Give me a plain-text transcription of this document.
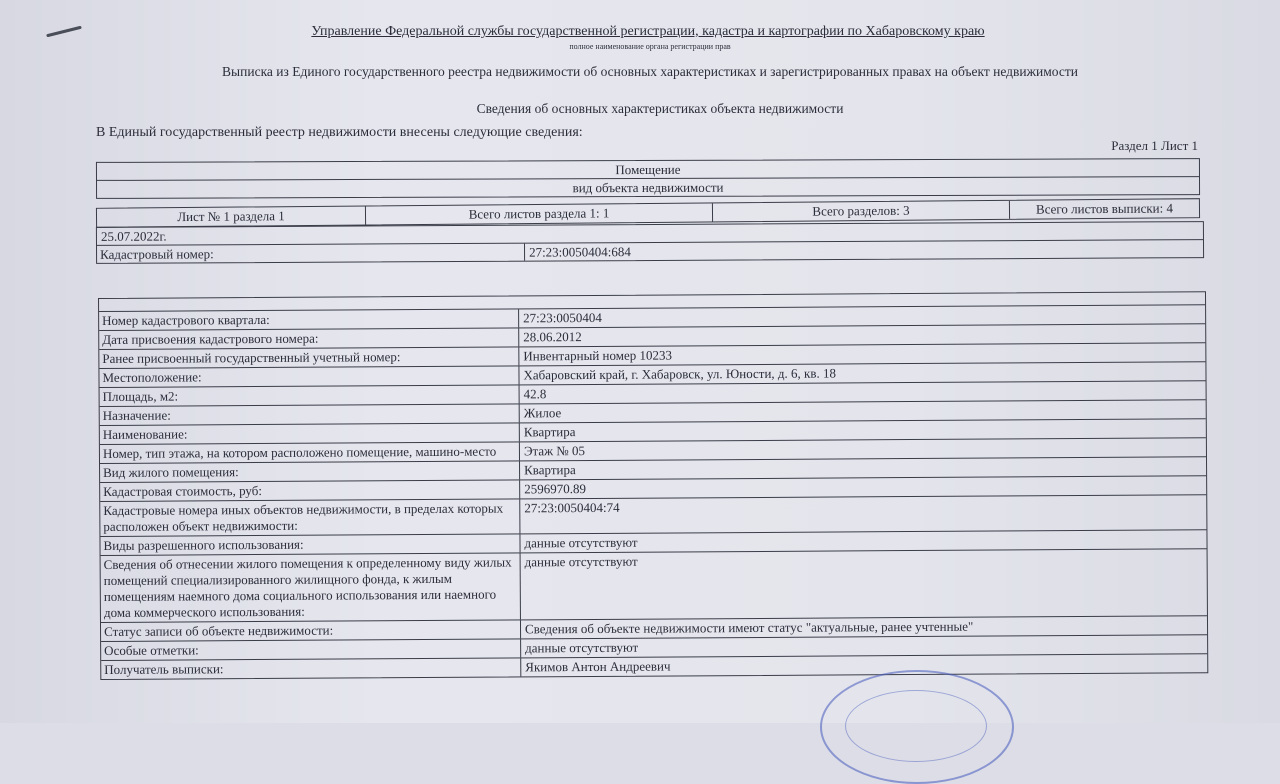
Управление Федеральной службы государственной регистрации, кадастра и картографии по Хабаровскому краю
полное наименование органа регистрации прав
Выписка из Единого государственного реестра недвижимости об основных характеристиках и зарегистрированных правах на объект недвижимости
Сведения об основных характеристиках объекта недвижимости
В Единый государственный реестр недвижимости внесены следующие сведения:
Раздел 1 Лист 1
Помещение
вид объекта недвижимости
Лист № 1 раздела 1	Всего листов раздела 1: 1	Всего разделов: 3	Всего листов выписки: 4
25.07.2022г.
Кадастровый номер:	27:23:0050404:684
Номер кадастрового квартала:	27:23:0050404
Дата присвоения кадастрового номера:	28.06.2012
Ранее присвоенный государственный учетный номер:	Инвентарный номер 10233
Местоположение:	Хабаровский край, г. Хабаровск, ул. Юности, д. 6, кв. 18
Площадь, м2:	42.8
Назначение:	Жилое
Наименование:	Квартира
Номер, тип этажа, на котором расположено помещение, машино-место	Этаж № 05
Вид жилого помещения:	Квартира
Кадастровая стоимость, руб:	2596970.89
Кадастровые номера иных объектов недвижимости, в пределах которых расположен объект недвижимости:
27:23:0050404:74
Виды разрешенного использования:	данные отсутствуют
Сведения об отнесении жилого помещения к определенному виду жилых помещений специализированного жилищного фонда, к жилым помещениям наемного дома социального использования или наемного дома коммерческого использования:
данные отсутствуют
Статус записи об объекте недвижимости:	Сведения об объекте недвижимости имеют статус "актуальные, ранее учтенные"
Особые отметки:	данные отсутствуют
Получатель выписки:	Якимов Антон Андреевич
